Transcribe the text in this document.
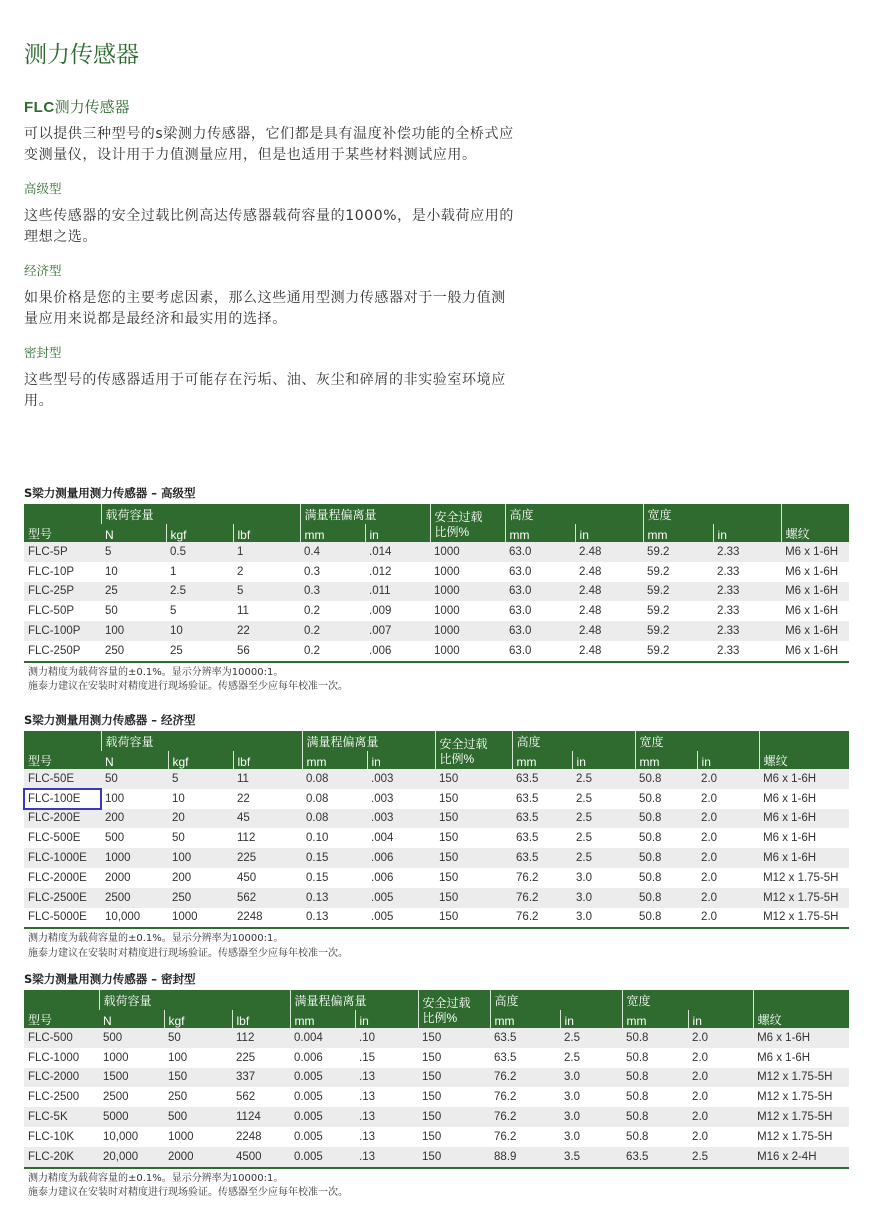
测力传感器
FLC测力传感器

可以提供三种型号的s梁测力传感器，它们都是具有温度补偿功能的全桥式应变测量仪，设计用于力值测量应用，但是也适用于某些材料测试应用。

高级型

这些传感器的安全过载比例高达传感器载荷容量的1000%，是小载荷应用的理想之选。

经济型

如果价格是您的主要考虑因素，那么这些通用型测力传感器对于一般力值测量应用来说都是最经济和最实用的选择。

密封型

这些型号的传感器适用于可能存在污垢、油、灰尘和碎屑的非实验室环境应用。

S梁力测量用测力传感器 – 高级型
型号	载荷容量			满量程偏离量		安全过载
比例%	高度		宽度		螺纹
	N	kgf	lbf	mm	in		mm	in	mm	in	
FLC-5P	5	0.5	1	0.4	.014	1000	63.0	2.48	59.2	2.33	M6 x 1-6H
FLC-10P	10	1	2	0.3	.012	1000	63.0	2.48	59.2	2.33	M6 x 1-6H
FLC-25P	25	2.5	5	0.3	.011	1000	63.0	2.48	59.2	2.33	M6 x 1-6H
FLC-50P	50	5	11	0.2	.009	1000	63.0	2.48	59.2	2.33	M6 x 1-6H
FLC-100P	100	10	22	0.2	.007	1000	63.0	2.48	59.2	2.33	M6 x 1-6H
FLC-250P	250	25	56	0.2	.006	1000	63.0	2.48	59.2	2.33	M6 x 1-6H
测力精度为载荷容量的±0.1%。显示分辨率为10000:1。
施泰力建议在安装时对精度进行现场验证。传感器至少应每年校准一次。
S梁力测量用测力传感器 – 经济型
型号	载荷容量			满量程偏离量		安全过载
比例%	高度		宽度		螺纹
	N	kgf	lbf	mm	in		mm	in	mm	in	
FLC-50E	50	5	11	0.08	.003	150	63.5	2.5	50.8	2.0	M6 x 1-6H
FLC-100E	100	10	22	0.08	.003	150	63.5	2.5	50.8	2.0	M6 x 1-6H
FLC-200E	200	20	45	0.08	.003	150	63.5	2.5	50.8	2.0	M6 x 1-6H
FLC-500E	500	50	112	0.10	.004	150	63.5	2.5	50.8	2.0	M6 x 1-6H
FLC-1000E	1000	100	225	0.15	.006	150	63.5	2.5	50.8	2.0	M6 x 1-6H
FLC-2000E	2000	200	450	0.15	.006	150	76.2	3.0	50.8	2.0	M12 x 1.75-5H
FLC-2500E	2500	250	562	0.13	.005	150	76.2	3.0	50.8	2.0	M12 x 1.75-5H
FLC-5000E	10,000	1000	2248	0.13	.005	150	76.2	3.0	50.8	2.0	M12 x 1.75-5H
测力精度为载荷容量的±0.1%。显示分辨率为10000:1。
施泰力建议在安装时对精度进行现场验证。传感器至少应每年校准一次。
S梁力测量用测力传感器 – 密封型
型号	载荷容量			满量程偏离量		安全过载
比例%	高度		宽度		螺纹
	N	kgf	lbf	mm	in		mm	in	mm	in	
FLC-500	500	50	112	0.004	.10	150	63.5	2.5	50.8	2.0	M6 x 1-6H
FLC-1000	1000	100	225	0.006	.15	150	63.5	2.5	50.8	2.0	M6 x 1-6H
FLC-2000	1500	150	337	0.005	.13	150	76.2	3.0	50.8	2.0	M12 x 1.75-5H
FLC-2500	2500	250	562	0.005	.13	150	76.2	3.0	50.8	2.0	M12 x 1.75-5H
FLC-5K	5000	500	1124	0.005	.13	150	76.2	3.0	50.8	2.0	M12 x 1.75-5H
FLC-10K	10,000	1000	2248	0.005	.13	150	76.2	3.0	50.8	2.0	M12 x 1.75-5H
FLC-20K	20,000	2000	4500	0.005	.13	150	88.9	3.5	63.5	2.5	M16 x 2-4H
测力精度为载荷容量的±0.1%。显示分辨率为10000:1。
施泰力建议在安装时对精度进行现场验证。传感器至少应每年校准一次。
